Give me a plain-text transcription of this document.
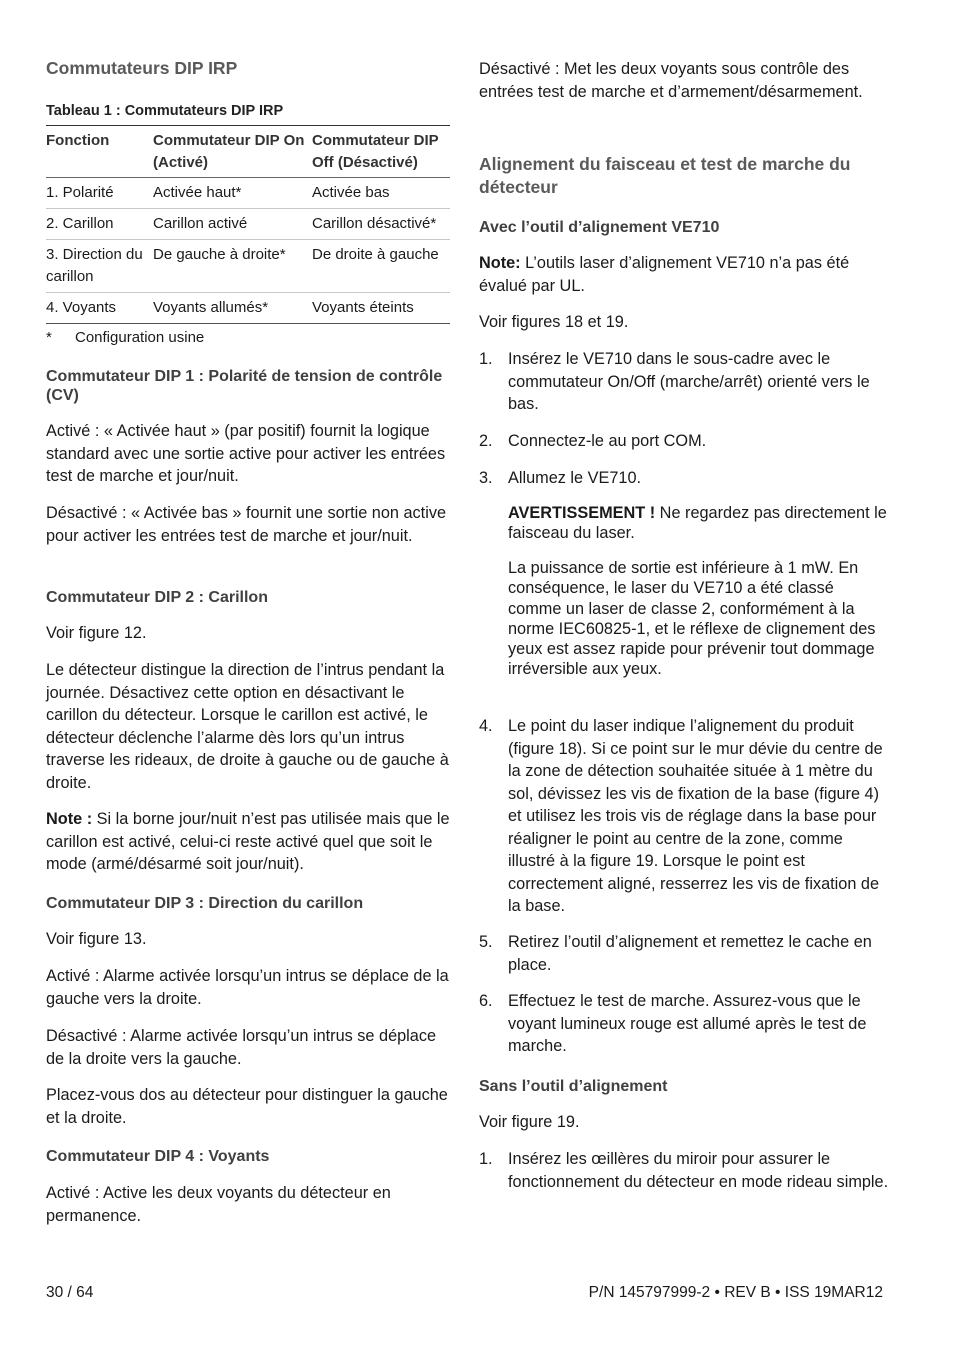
Commutateurs DIP IRP
Tableau 1 : Commutateurs DIP IRP
Fonction	Commutateur DIP On (Activé)	Commutateur DIP Off (Désactivé)
1. Polarité	Activée haut*	Activée bas
2. Carillon	Carillon activé	Carillon désactivé*
3. Direction du carillon	De gauche à droite*	De droite à gauche
4. Voyants	Voyants allumés*	Voyants éteints
* Configuration usine
Commutateur DIP 1 : Polarité de tension de contrôle (CV)

Activé : « Activée haut » (par positif) fournit la logique standard avec une sortie active pour activer les entrées test de marche et jour/nuit.

Désactivé : « Activée bas » fournit une sortie non active pour activer les entrées test de marche et jour/nuit.

Commutateur DIP 2 : Carillon

Voir figure 12.

Le détecteur distingue la direction de l’intrus pendant la journée. Désactivez cette option en désactivant le carillon du détecteur. Lorsque le carillon est activé, le détecteur déclenche l’alarme dès lors qu’un intrus traverse les rideaux, de droite à gauche ou de gauche à droite.

Note : Si la borne jour/nuit n’est pas utilisée mais que le carillon est activé, celui-ci reste activé quel que soit le mode (armé/désarmé soit jour/nuit).

Commutateur DIP 3 : Direction du carillon

Voir figure 13.

Activé : Alarme activée lorsqu’un intrus se déplace de la gauche vers la droite.

Désactivé : Alarme activée lorsqu’un intrus se déplace de la droite vers la gauche.

Placez-vous dos au détecteur pour distinguer la gauche et la droite.

Commutateur DIP 4 : Voyants

Activé : Active les deux voyants du détecteur en permanence.

Désactivé : Met les deux voyants sous contrôle des entrées test de marche et d’armement/désarmement.

Alignement du faisceau et test de marche du détecteur
Avec l’outil d’alignement VE710

Note: L’outils laser d’alignement VE710 n’a pas été évalué par UL.

Voir figures 18 et 19.

1. Insérez le VE710 dans le sous-cadre avec le commutateur On/Off (marche/arrêt) orienté vers le bas.
2. Connectez-le au port COM.
3. Allumez le VE710.

AVERTISSEMENT ! Ne regardez pas directement le faisceau du laser.

La puissance de sortie est inférieure à 1 mW. En conséquence, le laser du VE710 a été classé comme un laser de classe 2, conformément à la norme IEC60825-1, et le réflexe de clignement des yeux est assez rapide pour prévenir tout dommage irréversible aux yeux.

4. Le point du laser indique l’alignement du produit (figure 18). Si ce point sur le mur dévie du centre de la zone de détection souhaitée située à 1 mètre du sol, dévissez les vis de fixation de la base (figure 4) et utilisez les trois vis de réglage dans la base pour réaligner le point au centre de la zone, comme illustré à la figure 19. Lorsque le point est correctement aligné, resserrez les vis de fixation de la base.
5. Retirez l’outil d’alignement et remettez le cache en place.
6. Effectuez le test de marche. Assurez-vous que le voyant lumineux rouge est allumé après le test de marche.
Sans l’outil d’alignement

Voir figure 19.

1. Insérez les œillères du miroir pour assurer le fonctionnement du détecteur en mode rideau simple.
30 / 64	P/N 145797999-2 • REV B • ISS 19MAR12
